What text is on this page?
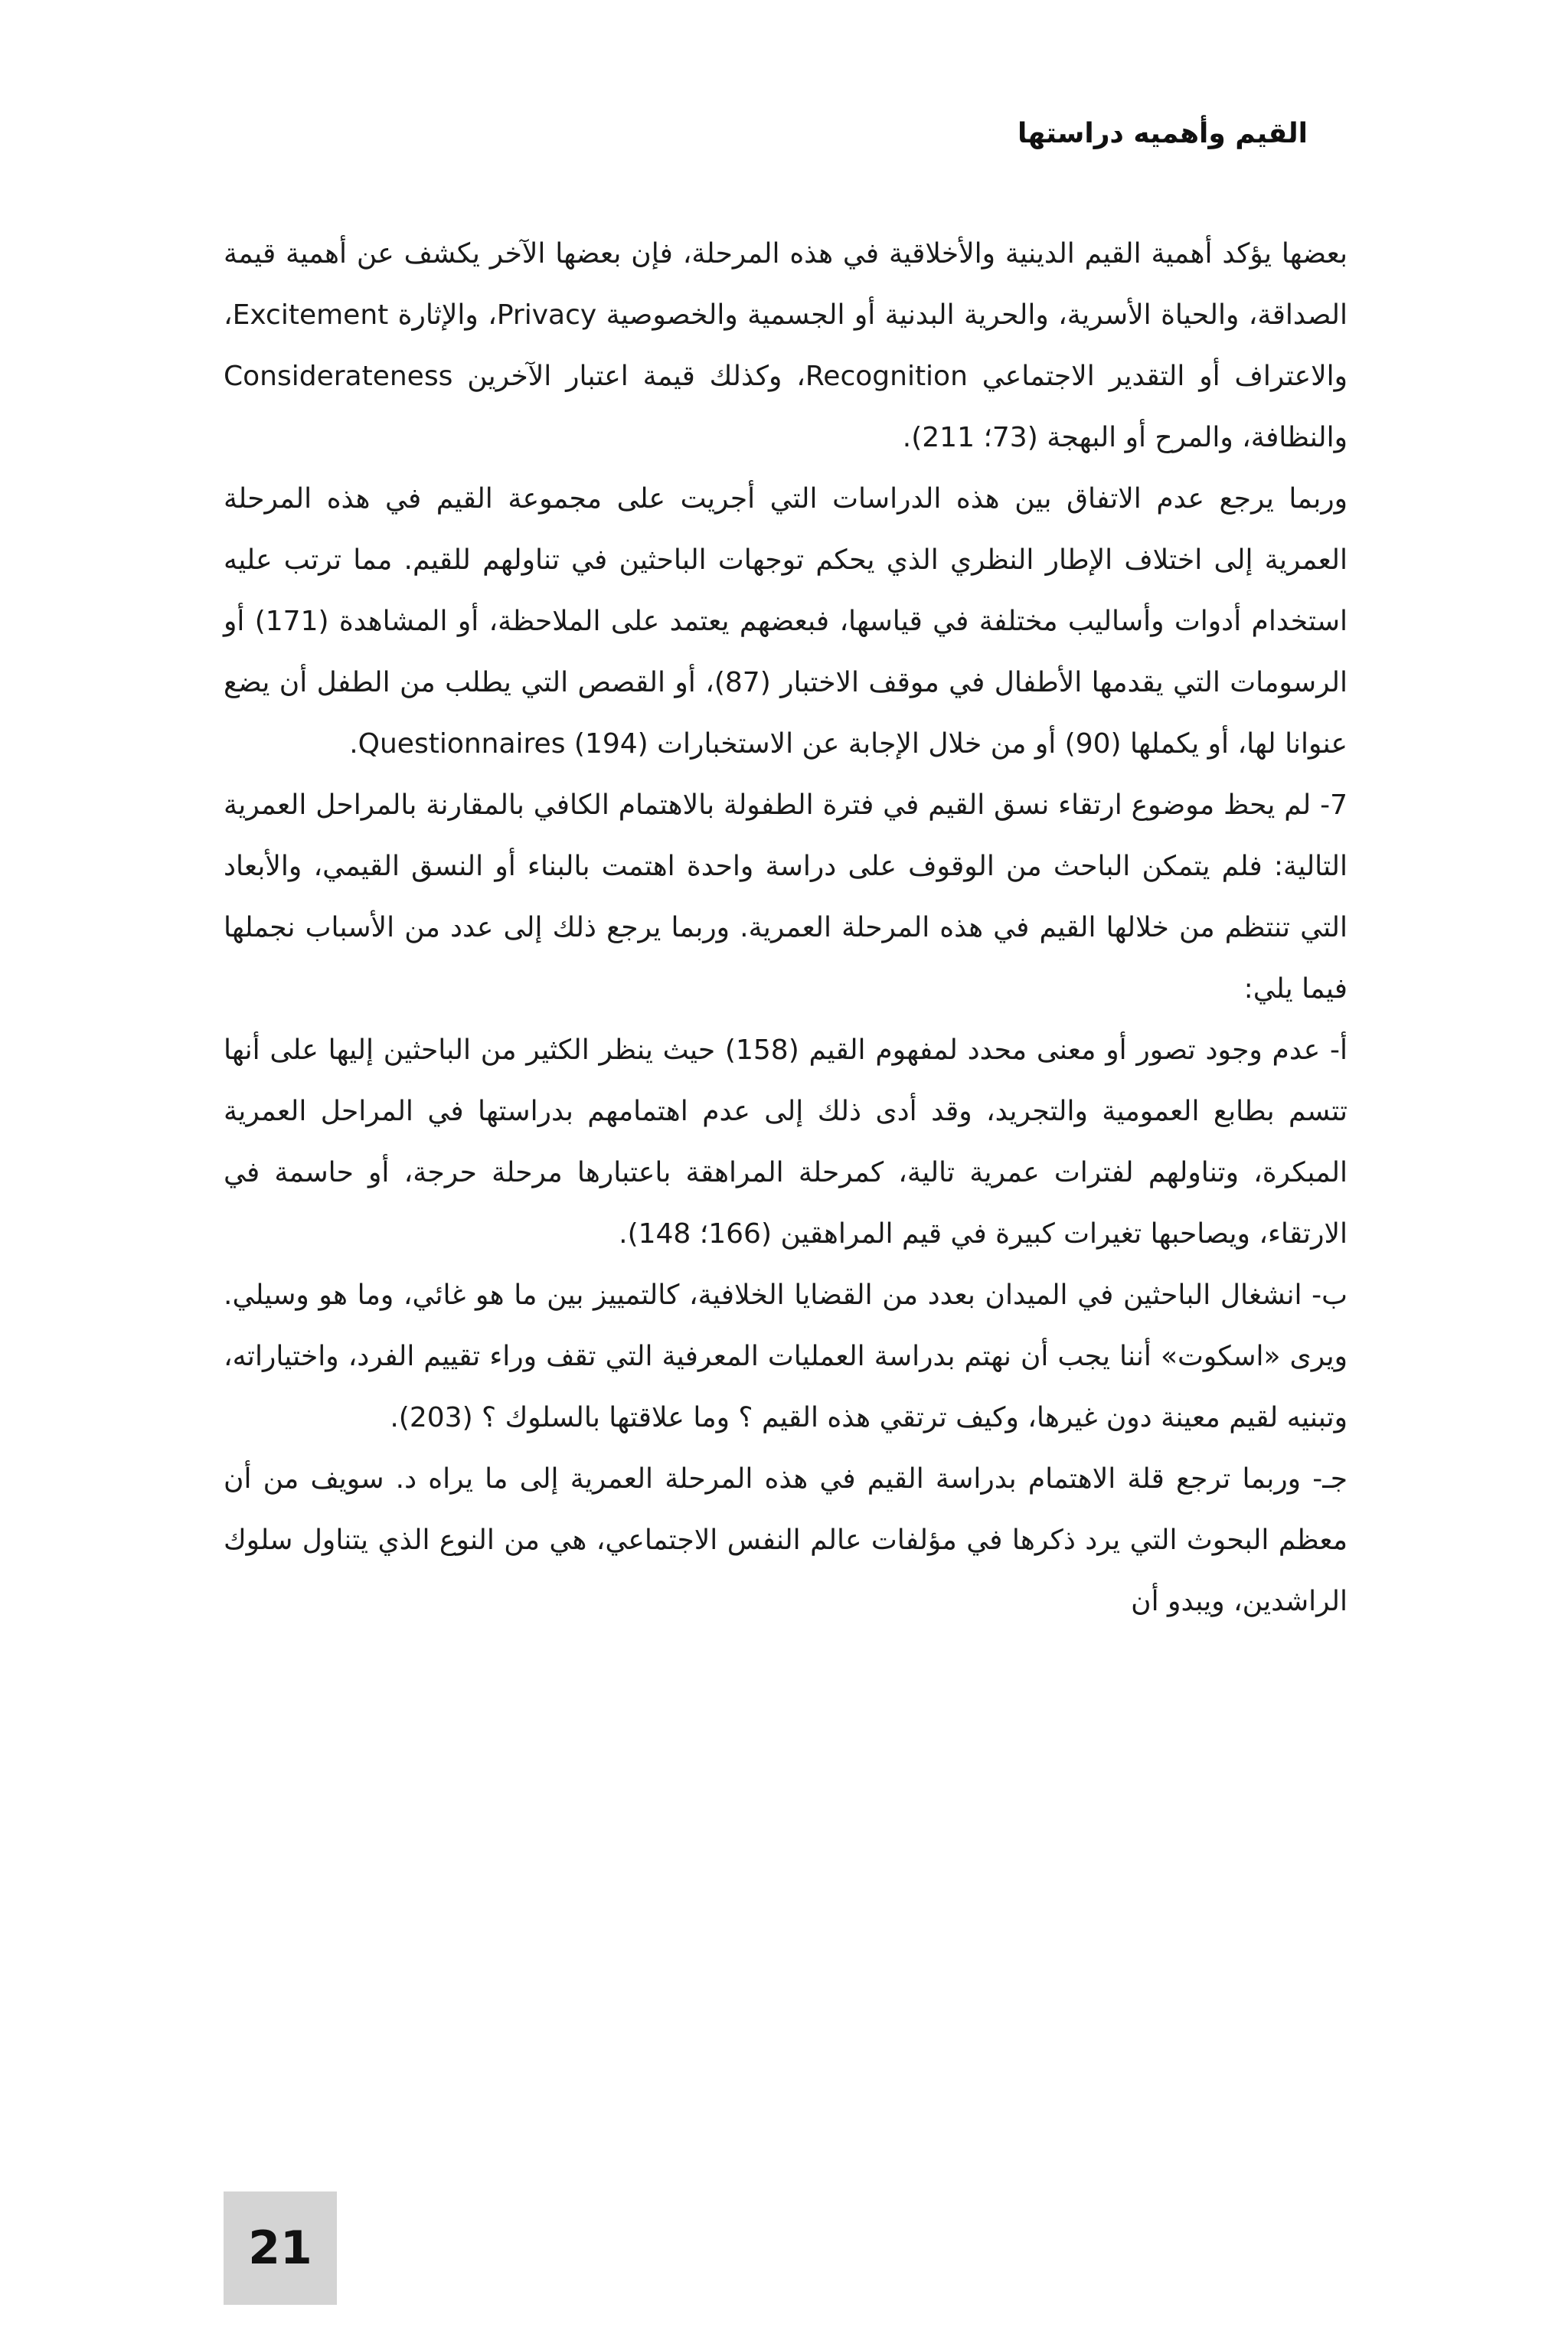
القيم وأهميه دراستها

بعضها يؤكد أهمية القيم الدينية والأخلاقية في هذه المرحلة، فإن بعضها الآخر يكشف عن أهمية قيمة الصداقة، والحياة الأسرية، والحرية البدنية أو الجسمية والخصوصية Privacy، والإثارة Excitement، والاعتراف أو التقدير الاجتماعي Recognition، وكذلك قيمة اعتبار الآخرين Considerateness والنظافة، والمرح أو البهجة (73؛ 211).

وربما يرجع عدم الاتفاق بين هذه الدراسات التي أجريت على مجموعة القيم في هذه المرحلة العمرية إلى اختلاف الإطار النظري الذي يحكم توجهات الباحثين في تناولهم للقيم. مما ترتب عليه استخدام أدوات وأساليب مختلفة في قياسها، فبعضهم يعتمد على الملاحظة، أو المشاهدة (171) أو الرسومات التي يقدمها الأطفال في موقف الاختبار (87)، أو القصص التي يطلب من الطفل أن يضع عنوانا لها، أو يكملها (90) أو من خلال الإجابة عن الاستخبارات Questionnaires (194).

7- لم يحظ موضوع ارتقاء نسق القيم في فترة الطفولة بالاهتمام الكافي بالمقارنة بالمراحل العمرية التالية: فلم يتمكن الباحث من الوقوف على دراسة واحدة اهتمت بالبناء أو النسق القيمي، والأبعاد التي تنتظم من خلالها القيم في هذه المرحلة العمرية. وربما يرجع ذلك إلى عدد من الأسباب نجملها فيما يلي:

أ- عدم وجود تصور أو معنى محدد لمفهوم القيم (158) حيث ينظر الكثير من الباحثين إليها على أنها تتسم بطابع العمومية والتجريد، وقد أدى ذلك إلى عدم اهتمامهم بدراستها في المراحل العمرية المبكرة، وتناولهم لفترات عمرية تالية، كمرحلة المراهقة باعتبارها مرحلة حرجة، أو حاسمة في الارتقاء، ويصاحبها تغيرات كبيرة في قيم المراهقين (166؛ 148).

ب- انشغال الباحثين في الميدان بعدد من القضايا الخلافية، كالتمييز بين ما هو غائي، وما هو وسيلي. ويرى «اسكوت» أننا يجب أن نهتم بدراسة العمليات المعرفية التي تقف وراء تقييم الفرد، واختياراته، وتبنيه لقيم معينة دون غيرها، وكيف ترتقي هذه القيم ؟ وما علاقتها بالسلوك ؟ (203).

جـ- وربما ترجع قلة الاهتمام بدراسة القيم في هذه المرحلة العمرية إلى ما يراه د. سويف من أن معظم البحوث التي يرد ذكرها في مؤلفات عالم النفس الاجتماعي، هي من النوع الذي يتناول سلوك الراشدين، ويبدو أن

21
